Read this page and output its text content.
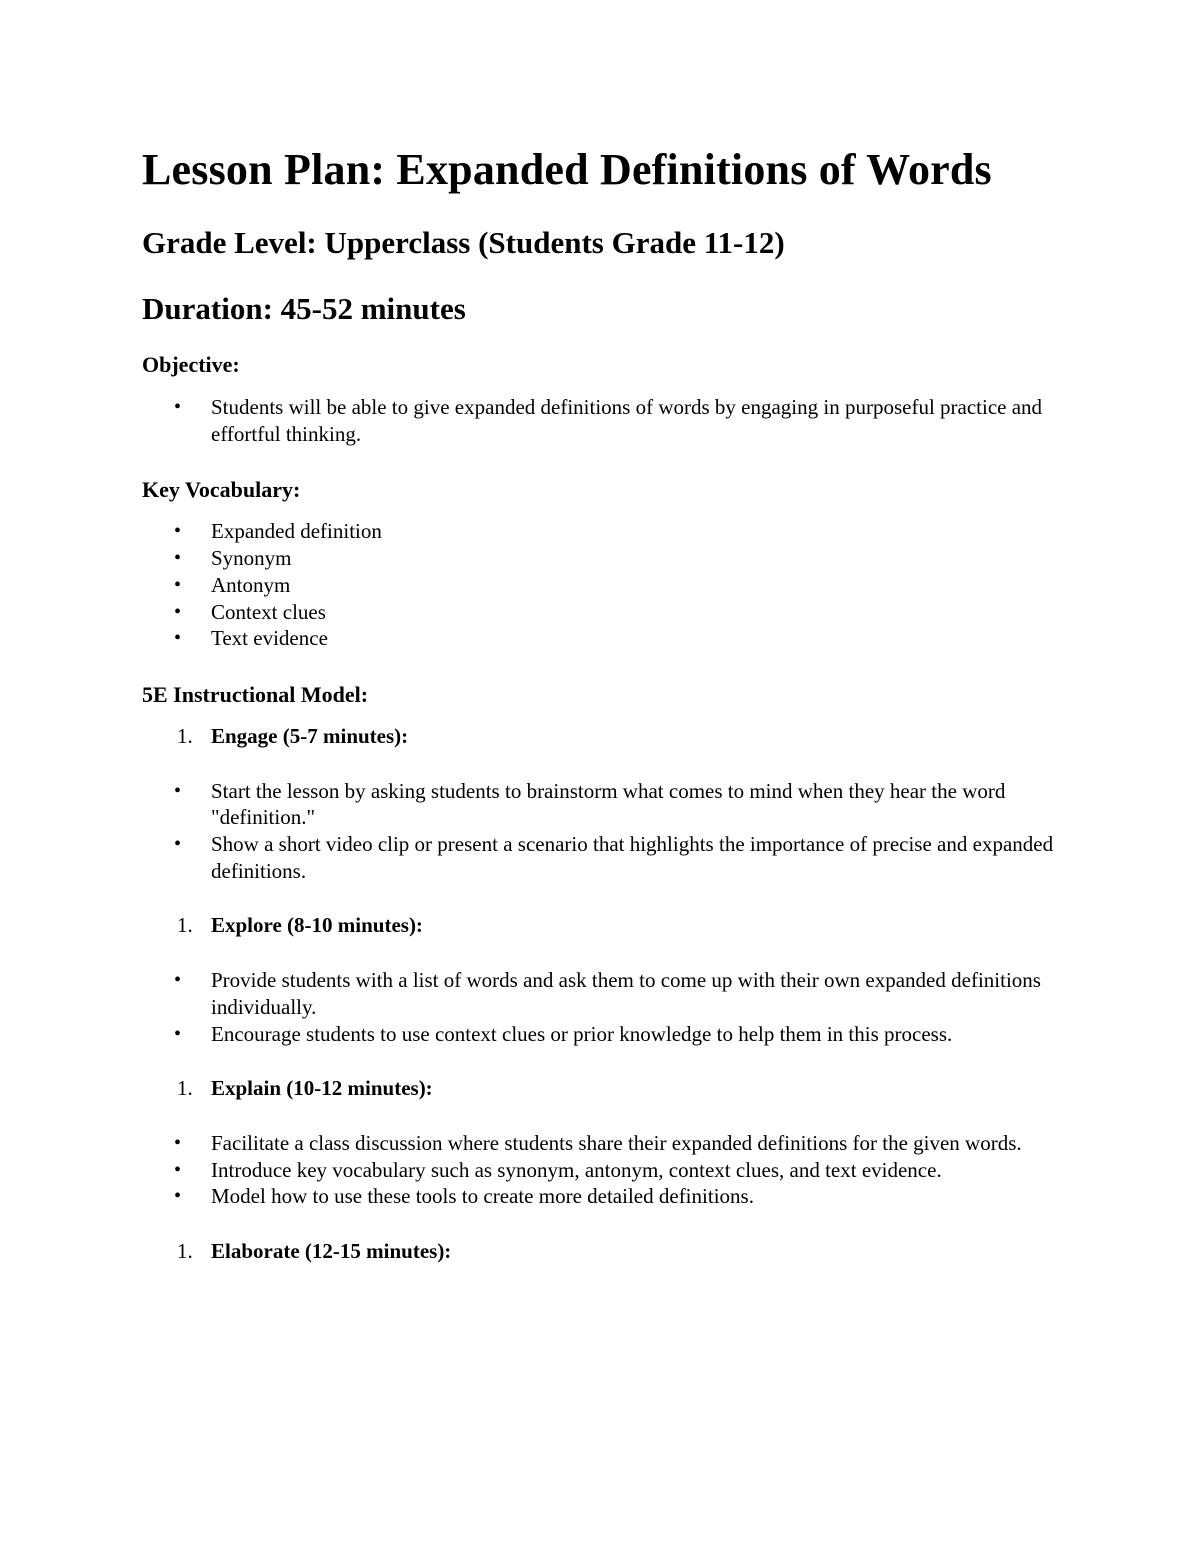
Lesson Plan: Expanded Definitions of Words
Grade Level: Upperclass (Students Grade 11-12)
Duration: 45-52 minutes
Objective:
• Students will be able to give expanded definitions of words by engaging in purposeful practice and effortful thinking.
Key Vocabulary:
• Expanded definition
• Synonym
• Antonym
• Context clues
• Text evidence
5E Instructional Model:
1. Engage (5-7 minutes):
• Start the lesson by asking students to brainstorm what comes to mind when they hear the word "definition."
• Show a short video clip or present a scenario that highlights the importance of precise and expanded definitions.
1. Explore (8-10 minutes):
• Provide students with a list of words and ask them to come up with their own expanded definitions individually.
• Encourage students to use context clues or prior knowledge to help them in this process.
1. Explain (10-12 minutes):
• Facilitate a class discussion where students share their expanded definitions for the given words.
• Introduce key vocabulary such as synonym, antonym, context clues, and text evidence.
• Model how to use these tools to create more detailed definitions.
1. Elaborate (12-15 minutes):
